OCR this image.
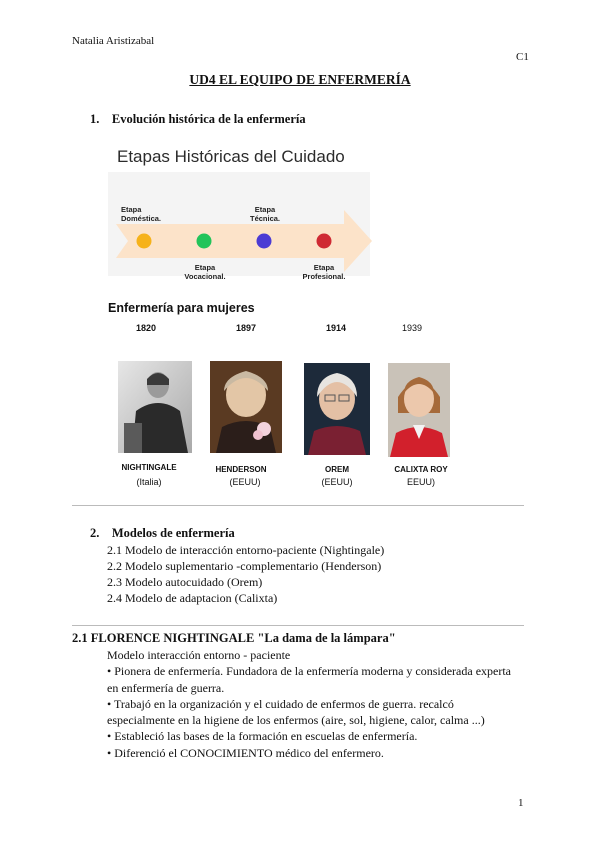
Natalia Aristizabal
C1
UD4 EL EQUIPO DE ENFERMERÍA
1. Evolución histórica de la enfermería
Etapas Históricas del Cuidado
Etapa
Doméstica.
Etapa
Vocacional.
Etapa
Técnica.
Etapa
Profesional.
Enfermería para mujeres
1820	1897	1914	1939
NIGHTINGALE	HENDERSON	OREM	CALIXTA ROY
(Italia)	(EEUU)	(EEUU)	EEUU)
2. Modelos de enfermería
2.1 Modelo de interacción entorno-paciente (Nightingale)
2.2 Modelo suplementario -complementario (Henderson)
2.3 Modelo autocuidado (Orem)
2.4 Modelo de adaptacion (Calixta)
2.1 FLORENCE NIGHTINGALE "La dama de la lámpara"
Modelo interacción entorno - paciente
• Pionera de enfermería. Fundadora de la enfermería moderna y considerada experta
en enfermería de guerra.
• Trabajó en la organización y el cuidado de enfermos de guerra. recalcó
especialmente en la higiene de los enfermos (aire, sol, higiene, calor, calma ...)
• Estableció las bases de la formación en escuelas de enfermería.
• Diferenció el CONOCIMIENTO médico del enfermero.
1
